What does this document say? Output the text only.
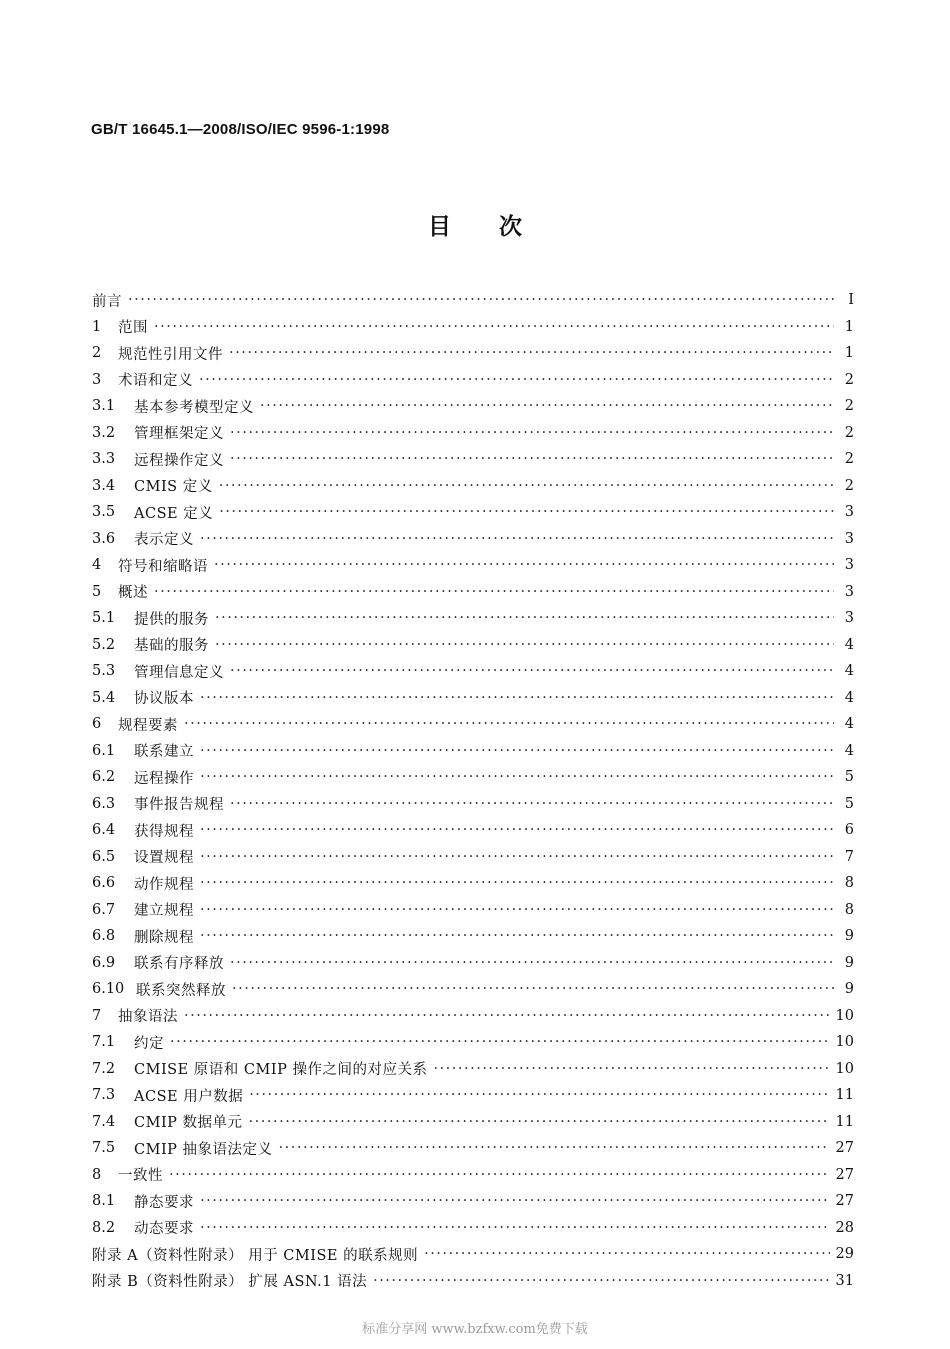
GB/T 16645.1—2008/ISO/IEC 9596-1:1998
目 次
前言 ·····	Ⅰ
1	范围 ·····	1
2	规范性引用文件 ·····	1
3	术语和定义 ·····	2
3.1	基本参考模型定义 ·····	2
3.2	管理框架定义 ·····	2
3.3	远程操作定义 ·····	2
3.4	CMIS 定义 ·····	2
3.5	ACSE 定义 ·····	3
3.6	表示定义 ·····	3
4	符号和缩略语 ·····	3
5	概述 ·····	3
5.1	提供的服务 ·····	3
5.2	基础的服务 ·····	4
5.3	管理信息定义 ·····	4
5.4	协议版本 ·····	4
6	规程要素 ·····	4
6.1	联系建立 ·····	4
6.2	远程操作 ·····	5
6.3	事件报告规程 ·····	5
6.4	获得规程 ·····	6
6.5	设置规程 ·····	7
6.6	动作规程 ·····	8
6.7	建立规程 ·····	8
6.8	删除规程 ·····	9
6.9	联系有序释放 ·····	9
6.10 联系突然释放 ·····	9
7	抽象语法 ·····	10
7.1	约定 ·····	10
7.2	CMISE 原语和 CMIP 操作之间的对应关系 ·····	10
7.3	ACSE 用户数据 ·····	11
7.4	CMIP 数据单元 ·····	11
7.5	CMIP 抽象语法定义 ·····	27
8	一致性 ·····	27
8.1	静态要求 ·····	27
8.2	动态要求 ·····	28
附录 A（资料性附录） 用于 CMISE 的联系规则 ·····	29
附录 B（资料性附录） 扩展 ASN.1 语法 ·····	31
标准分享网 www.bzfxw.com免费下载
